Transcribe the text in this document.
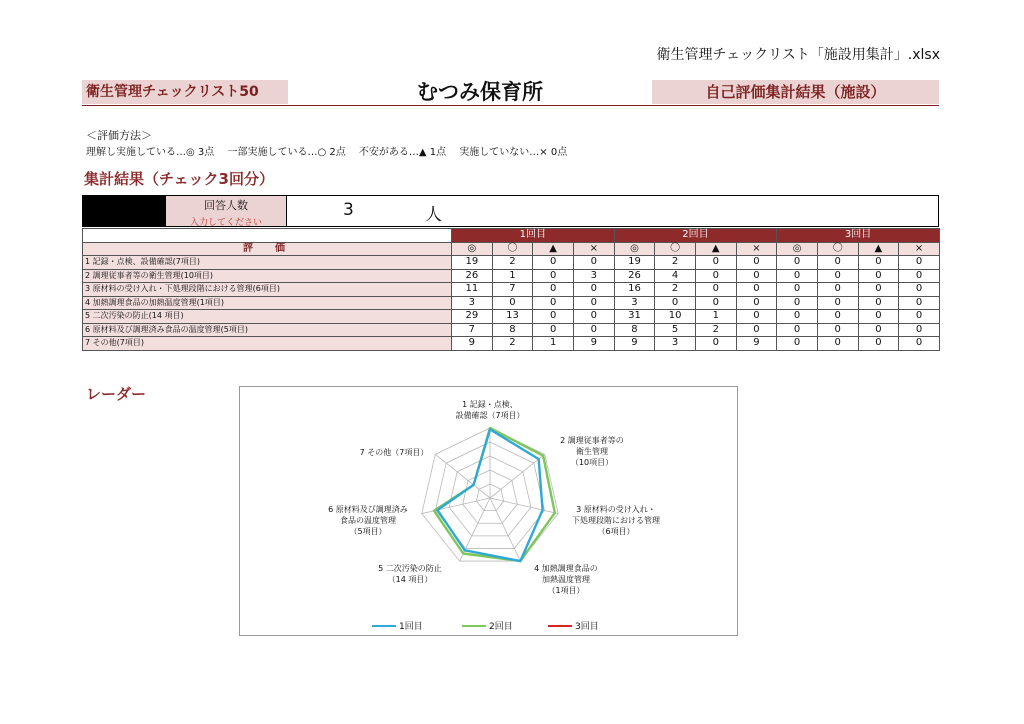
衛生管理チェックリスト「施設用集計」.xlsx
衛生管理チェックリスト50	むつみ保育所	自己評価集計結果（施設）
＜評価方法＞
理解し実施している…◎ 3点　 一部実施している…○ 2点　 不安がある…▲ 1点　 実施していない…× 0点
集計結果（チェック3回分）
回答人数
入力してください
3	人
	1回目				2回目				3回目			
評　価	◎	〇	▲	×	◎	〇	▲	×	◎	〇	▲	×
1 記録・点検、設備確認(7項目)	19	2	0	0	19	2	0	0	0	0	0	0
2 調理従事者等の衛生管理(10項目)	26	1	0	3	26	4	0	0	0	0	0	0
3 原材料の受け入れ・下処理段階における管理(6項目)	11	7	0	0	16	2	0	0	0	0	0	0
4 加熱調理食品の加熱温度管理(1項目)	3	0	0	0	3	0	0	0	0	0	0	0
5 二次汚染の防止(14 項目)	29	13	0	0	31	10	1	0	0	0	0	0
6 原材料及び調理済み食品の温度管理(5項目)	7	8	0	0	8	5	2	0	0	0	0	0
7 その他(7項目)	9	2	1	9	9	3	0	9	0	0	0	0
レーダー
1 記録・点検、
設備確認（7項目）
2 調理従事者等の
衛生管理
（10項目）
3 原材料の受け入れ・
下処理段階における管理
（6項目）
4 加熱調理食品の
加熱温度管理
（1項目）
5 二次汚染の防止
（14 項目）
6 原材料及び調理済み
食品の温度管理
（5項目）
7 その他（7項目）
1回目	2回目	3回目
